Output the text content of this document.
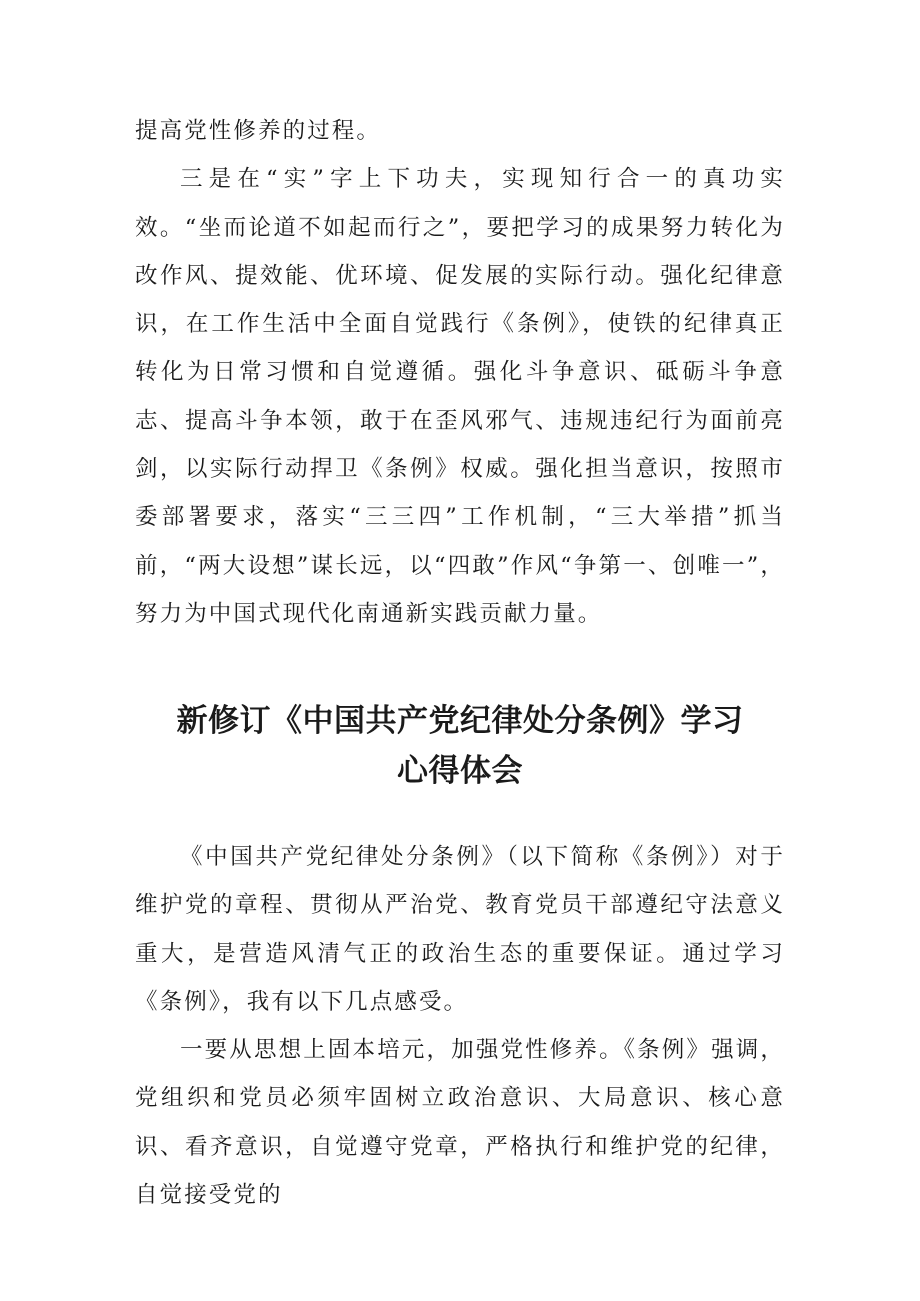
提高党性修养的过程。

三是在“实”字上下功夫，实现知行合一的真功实效。“坐而论道不如起而行之”，要把学习的成果努力转化为改作风、提效能、优环境、促发展的实际行动。强化纪律意识，在工作生活中全面自觉践行《条例》，使铁的纪律真正转化为日常习惯和自觉遵循。强化斗争意识、砥砺斗争意志、提高斗争本领，敢于在歪风邪气、违规违纪行为面前亮剑，以实际行动捍卫《条例》权威。强化担当意识，按照市委部署要求，落实“三三四”工作机制，“三大举措”抓当前，“两大设想”谋长远，以“四敢”作风“争第一、创唯一”，努力为中国式现代化南通新实践贡献力量。

新修订《中国共产党纪律处分条例》学习
心得体会

《中国共产党纪律处分条例》（以下简称《条例》）对于维护党的章程、贯彻从严治党、教育党员干部遵纪守法意义重大，是营造风清气正的政治生态的重要保证。通过学习《条例》，我有以下几点感受。

一要从思想上固本培元，加强党性修养。《条例》强调，党组织和党员必须牢固树立政治意识、大局意识、核心意识、看齐意识，自觉遵守党章，严格执行和维护党的纪律，自觉接受党的
